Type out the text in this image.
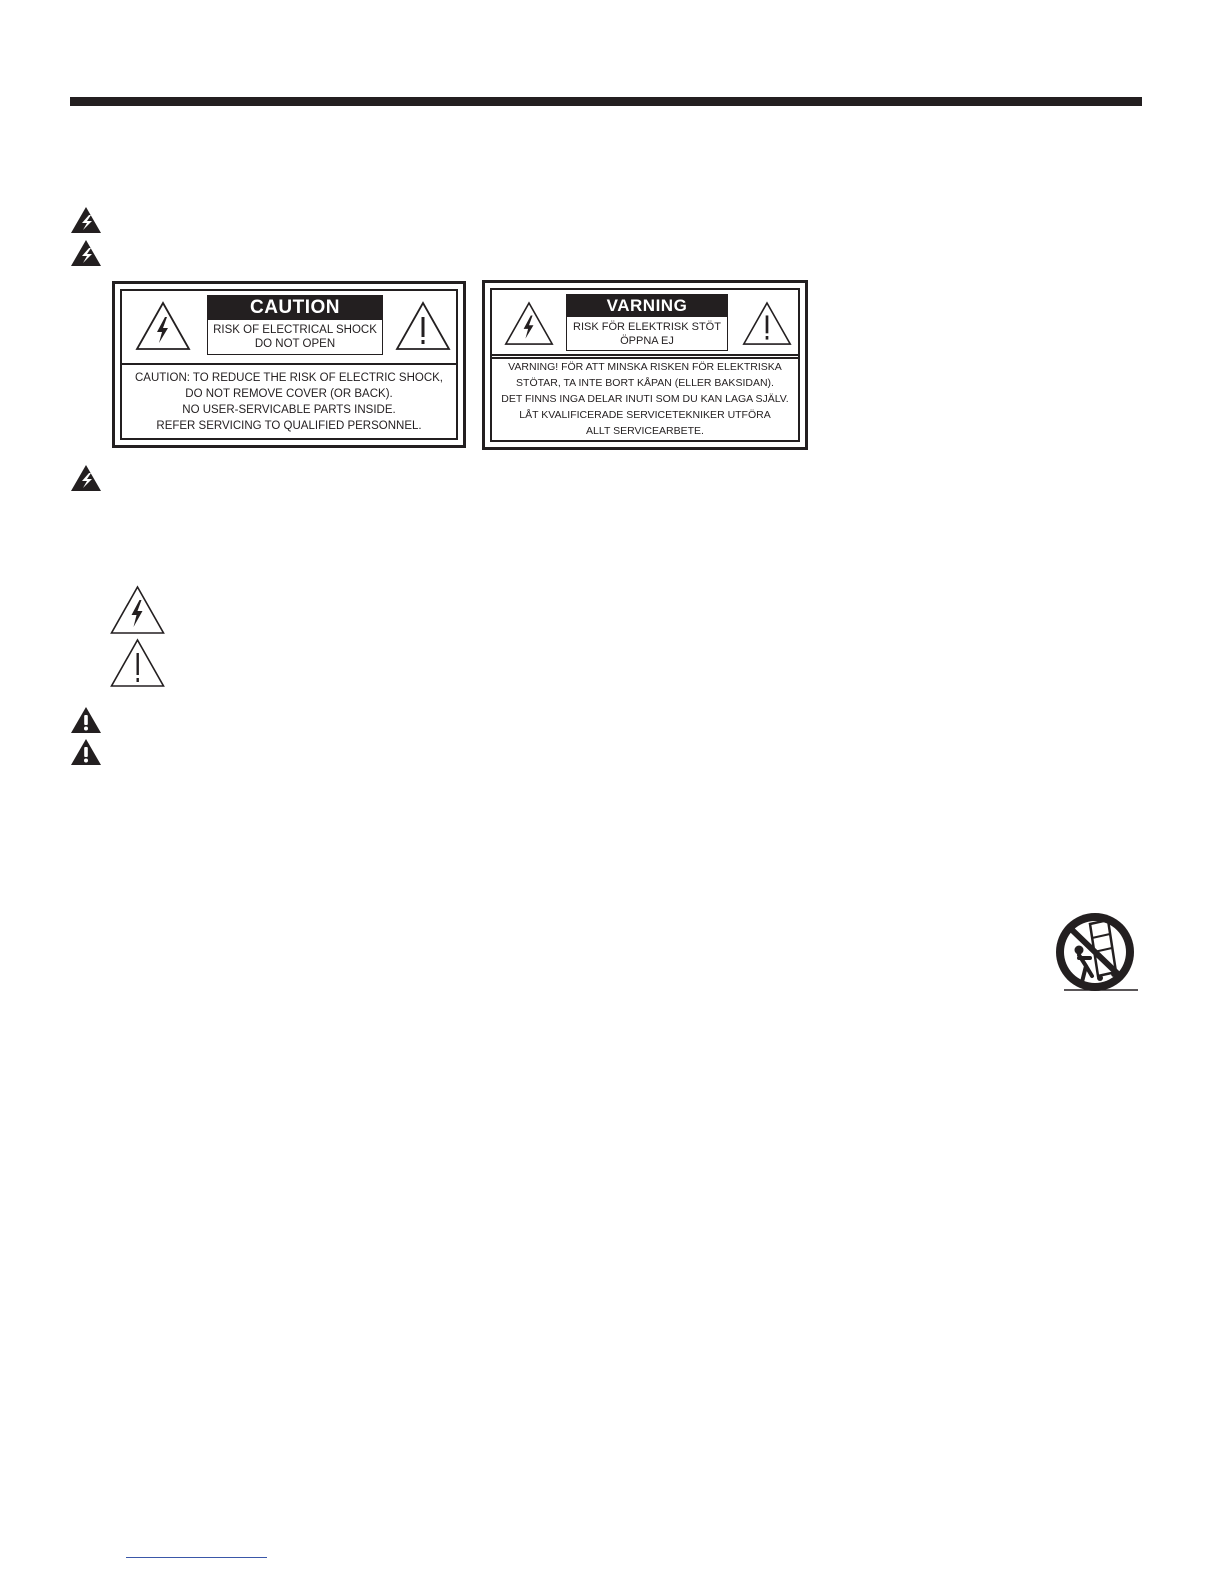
CAUTION
RISK OF ELECTRICAL SHOCK
DO NOT OPEN
CAUTION: TO REDUCE THE RISK OF ELECTRIC SHOCK,
DO NOT REMOVE COVER (OR BACK).
NO USER-SERVICABLE PARTS INSIDE.
REFER SERVICING TO QUALIFIED PERSONNEL.
VARNING
RISK FÖR ELEKTRISK STÖT
ÖPPNA EJ
VARNING! FÖR ATT MINSKA RISKEN FÖR ELEKTRISKA
STÖTAR, TA INTE BORT KÅPAN (ELLER BAKSIDAN).
DET FINNS INGA DELAR INUTI SOM DU KAN LAGA SJÄLV.
LÅT KVALIFICERADE SERVICETEKNIKER UTFÖRA
ALLT SERVICEARBETE.
